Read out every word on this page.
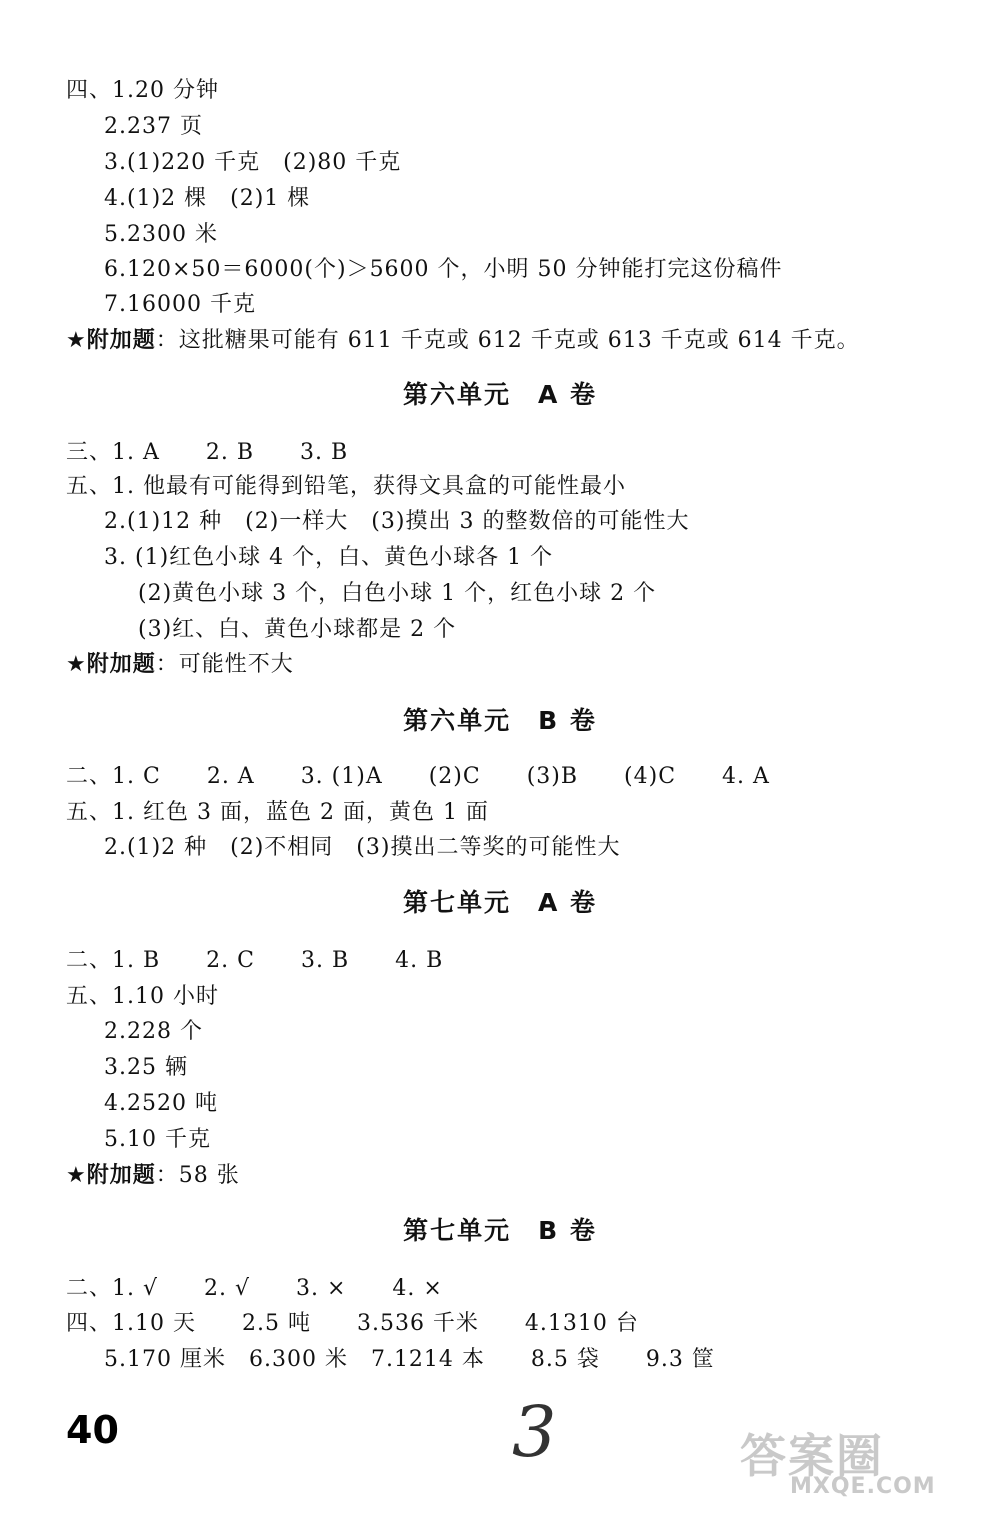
四、1.20 分钟
2.237 页
3.(1)220 千克　(2)80 千克
4.(1)2 棵　(2)1 棵
5.2300 米
6.120×50＝6000(个)＞5600 个，小明 50 分钟能打完这份稿件
7.16000 千克
★附加题：这批糖果可能有 611 千克或 612 千克或 613 千克或 614 千克。
第六单元　A 卷
三、1. A　　2. B　　3. B
五、1. 他最有可能得到铅笔，获得文具盒的可能性最小
2.(1)12 种　(2)一样大　(3)摸出 3 的整数倍的可能性大
3. (1)红色小球 4 个，白、黄色小球各 1 个
(2)黄色小球 3 个，白色小球 1 个，红色小球 2 个
(3)红、白、黄色小球都是 2 个
★附加题：可能性不大
第六单元　B 卷
二、1. C　　2. A　　3. (1)A　　(2)C　　(3)B　　(4)C　　4. A
五、1. 红色 3 面，蓝色 2 面，黄色 1 面
2.(1)2 种　(2)不相同　(3)摸出二等奖的可能性大
第七单元　A 卷
二、1. B　　2. C　　3. B　　4. B
五、1.10 小时
2.228 个
3.25 辆
4.2520 吨
5.10 千克
★附加题：58 张
第七单元　B 卷
二、1. √　　2. √　　3. ×　　4. ×
四、1.10 天　　2.5 吨　　3.536 千米　　4.1310 台
5.170 厘米　6.300 米　7.1214 本　　8.5 袋　　9.3 筐
40	3	答案圈
MXQE.COM
